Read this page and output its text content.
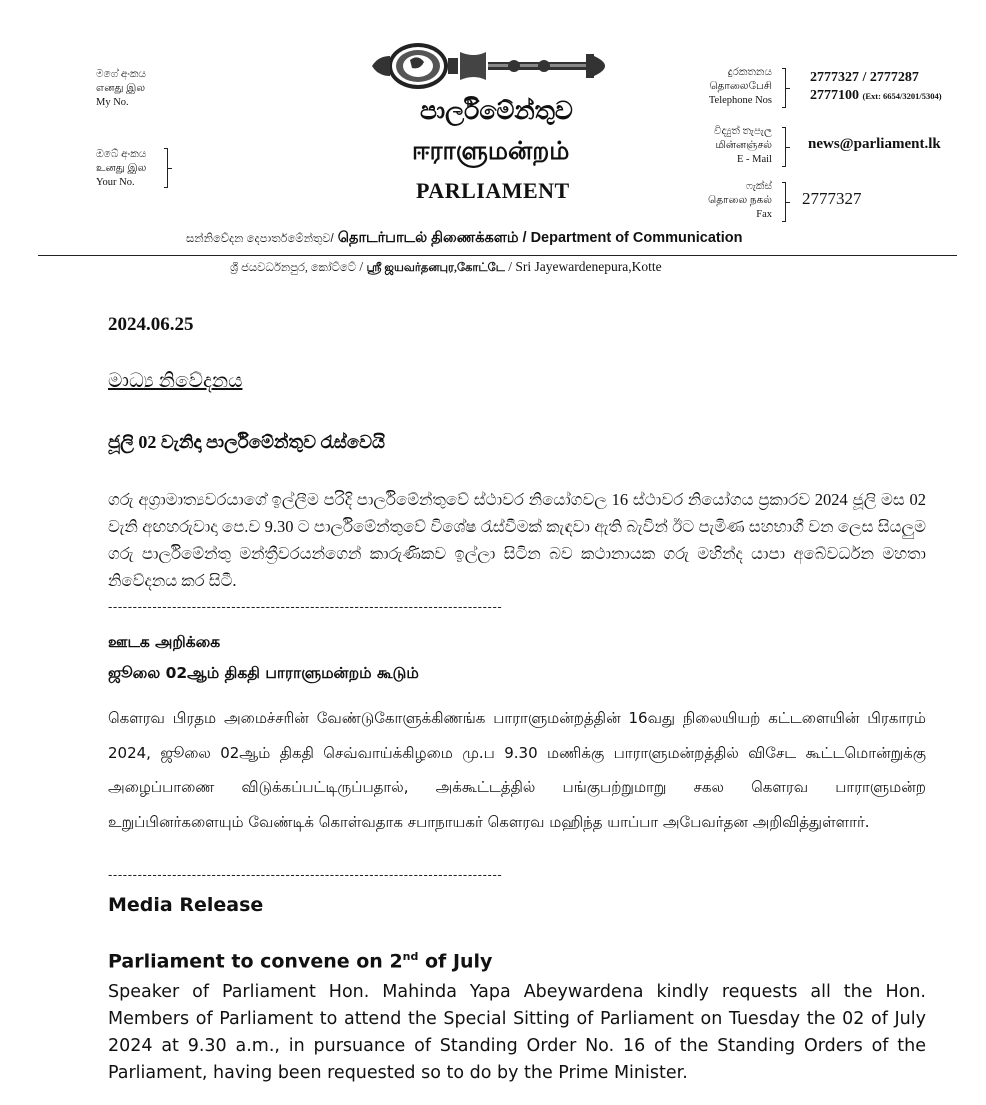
මගේ අංකය
எனது இல
My No.
ඔබේ අංකය
உனது இல
Your No.
පාර්ලිමේන්තුව
ஈராளுமன்றம்
PARLIAMENT
දුරකතනය
தொலைபேசி
Telephone Nos
2777327 / 2777287
2777100 (Ext: 6654/3201/5304)
විද්‍යුත් තැපැල
மின்னஞ்சல்
E - Mail
news@parliament.lk
ෆැක්ස්
தொலை நகல்
Fax
2777327
සන්නිවේදන දෙපාර්තමේන්තුව/ தொடர்பாடல் திணைக்களம் / Department of Communication
ශ්‍රී ජයවර්ධනපුර, කෝට්ටේ / ஸ்ரீ ஜயவர்தனபுர,கோட்டே / Sri Jayewardenepura,Kotte
2024.06.25
මාධ්‍ය නිවේදනය
ජූලි 02 වැනිදා පාර්ලිමේන්තුව රැස්වෙයි
ගරු අග්‍රාමාත්‍යවරයාගේ ඉල්ලීම පරිදි පාර්ලිමේන්තුවේ ස්ථාවර නියෝගවල 16 ස්ථාවර නියෝගය ප්‍රකාරව 2024 ජූලි මස 02 වැනි අඟහරුවාදා පෙ.ව 9.30 ට පාර්ලිමේන්තුවේ විශේෂ රැස්වීමක් කැඳවා ඇති බැවින් ඊට පැමිණ සහභාගී වන ලෙස සියලුම ගරු පාර්ලිමේන්තු මන්ත්‍රීවරයන්ගෙන් කාරුණිකව ඉල්ලා සිටින බව කථානායක ගරු මහින්ද යාපා අබේවර්ධන මහතා නිවේදනය කර සිටී.
--------------------------------------------------------------------------------
ஊடக அறிக்கை
ஜூலை 02ஆம் திகதி பாராளுமன்றம் கூடும்
கௌரவ பிரதம அமைச்சரின் வேண்டுகோளுக்கிணங்க பாராளுமன்றத்தின் 16வது நிலையியற் கட்டளையின் பிரகாரம் 2024, ஜூலை 02ஆம் திகதி செவ்வாய்க்கிழமை மு.ப 9.30 மணிக்கு பாராளுமன்றத்தில் விசேட கூட்டமொன்றுக்கு அழைப்பாணை விடுக்கப்பட்டிருப்பதால், அக்கூட்டத்தில் பங்குபற்றுமாறு சகல கௌரவ பாராளுமன்ற உறுப்பினர்களையும் வேண்டிக் கொள்வதாக சபாநாயகர் கௌரவ மஹிந்த யாப்பா அபேவர்தன அறிவித்துள்ளார்.
--------------------------------------------------------------------------------
Media Release
Parliament to convene on 2nd of July
Speaker of Parliament Hon. Mahinda Yapa Abeywardena kindly requests all the Hon. Members of Parliament to attend the Special Sitting of Parliament on Tuesday the 02 of July 2024 at 9.30 a.m., in pursuance of Standing Order No. 16 of the Standing Orders of the Parliament, having been requested so to do by the Prime Minister.
